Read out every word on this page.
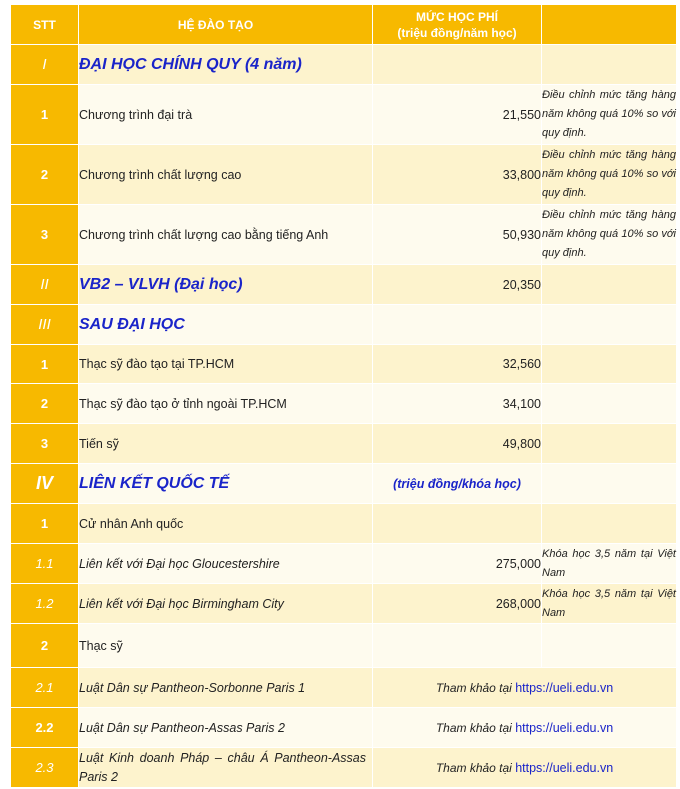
STT	HỆ ĐÀO TẠO	MỨC HỌC PHÍ
(triệu đồng/năm học)	

I	ĐẠI HỌC CHÍNH QUY (4 năm)		
1	Chương trình đại trà	21,550	Điều chỉnh mức tăng hàng năm không quá 10% so với quy định.
2	Chương trình chất lượng cao	33,800	Điều chỉnh mức tăng hàng năm không quá 10% so với quy định.
3	Chương trình chất lượng cao bằng tiếng Anh	50,930	Điều chỉnh mức tăng hàng năm không quá 10% so với quy định.
II	VB2 – VLVH (Đại học)	20,350	
III	SAU ĐẠI HỌC		
1	Thạc sỹ đào tạo tại TP.HCM	32,560	
2	Thạc sỹ đào tạo ở tỉnh ngoài TP.HCM	34,100	
3	Tiến sỹ	49,800	
IV	LIÊN KẾT QUỐC TẾ	(triệu đồng/khóa học)	
1	Cử nhân Anh quốc		
1.1	Liên kết với Đại học Gloucestershire	275,000	Khóa học 3,5 năm tại Việt Nam
1.2	Liên kết với Đại học Birmingham City	268,000	Khóa học 3,5 năm tại Việt Nam
2	Thạc sỹ		
2.1	Luật Dân sự Pantheon-Sorbonne Paris 1	Tham khảo tại https://ueli.edu.vn	
2.2	Luật Dân sự Pantheon-Assas Paris 2	Tham khảo tại https://ueli.edu.vn	
2.3	Luật Kinh doanh Pháp – châu Á Pantheon-Assas Paris 2	Tham khảo tại https://ueli.edu.vn	
